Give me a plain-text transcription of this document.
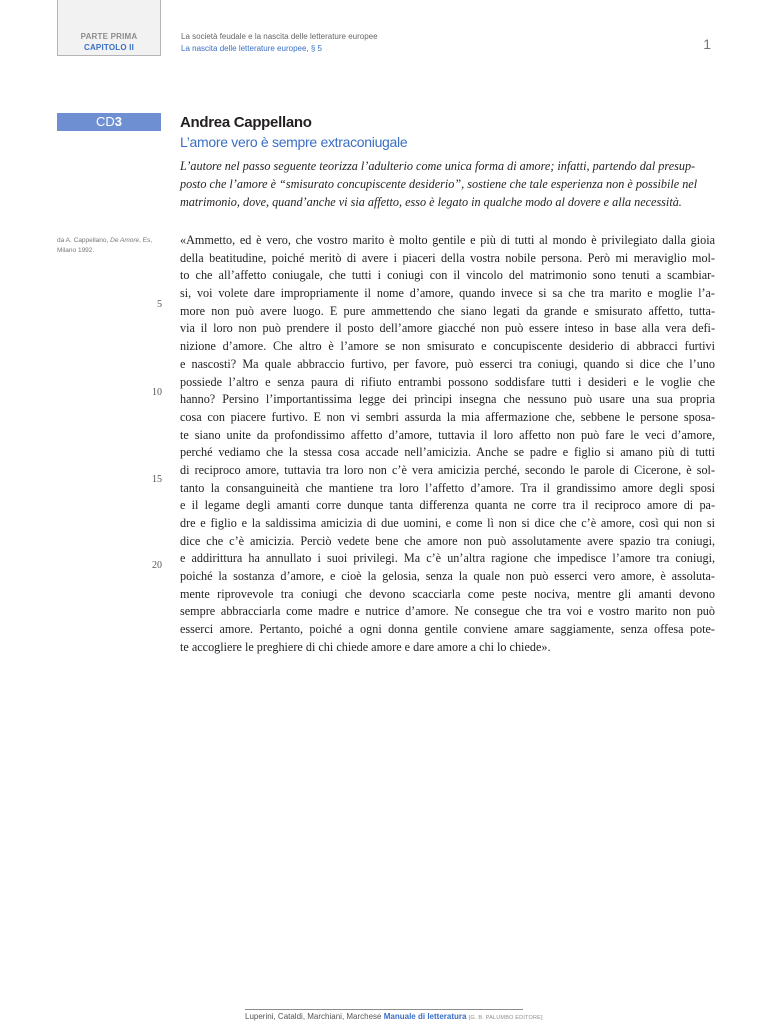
PARTE PRIMA
CAPITOLO II
La società feudale e la nascita delle letterature europee
La nascita delle letterature europee, § 5	1
CD3	Andrea Cappellano
L’amore vero è sempre extraconiugale
L’autore nel passo seguente teorizza l’adulterio come unica forma di amore; infatti, partendo dal presup-
posto che l’amore è “smisurato concupiscente desiderio”, sostiene che tale esperienza non è possibile nel
matrimonio, dove, quand’anche vi sia affetto, esso è legato in qualche modo al dovere e alla necessità.
da A. Cappellano, De Amore, Es,
Milano 1992.
5
10
15
20
«Ammetto, ed è vero, che vostro marito è molto gentile e più di tutti al mondo è privilegiato dalla gioia
della beatitudine, poiché meritò di avere i piaceri della vostra nobile persona. Però mi meraviglio mol-
to che all’affetto coniugale, che tutti i coniugi con il vincolo del matrimonio sono tenuti a scambiar-
si, voi volete dare impropriamente il nome d’amore, quando invece si sa che tra marito e moglie l’a-
more non può avere luogo. E pure ammettendo che siano legati da grande e smisurato affetto, tutta-
via il loro non può prendere il posto dell’amore giacché non può essere inteso in base alla vera defi-
nizione d’amore. Che altro è l’amore se non smisurato e concupiscente desiderio di abbracci furtivi
e nascosti? Ma quale abbraccio furtivo, per favore, può esserci tra coniugi, quando si dice che l’uno
possiede l’altro e senza paura di rifiuto entrambi possono soddisfare tutti i desideri e le voglie che
hanno? Persino l’importantissima legge dei prìncipi insegna che nessuno può usare una sua propria
cosa con piacere furtivo. E non vi sembri assurda la mia affermazione che, sebbene le persone sposa-
te siano unite da profondissimo affetto d’amore, tuttavia il loro affetto non può fare le veci d’amore,
perché vediamo che la stessa cosa accade nell’amicizia. Anche se padre e figlio si amano più di tutti
di reciproco amore, tuttavia tra loro non c’è vera amicizia perché, secondo le parole di Cicerone, è sol-
tanto la consanguineità che mantiene tra loro l’affetto d’amore. Tra il grandissimo amore degli sposi
e il legame degli amanti corre dunque tanta differenza quanta ne corre tra il reciproco amore di pa-
dre e figlio e la saldissima amicizia di due uomini, e come lì non si dice che c’è amore, così qui non si
dice che c’è amicizia. Perciò vedete bene che amore non può assolutamente avere spazio tra coniugi,
e addirittura ha annullato i suoi privilegi. Ma c’è un’altra ragione che impedisce l’amore tra coniugi,
poiché la sostanza d’amore, e cioè la gelosia, senza la quale non può esserci vero amore, è assoluta-
mente riprovevole tra coniugi che devono scacciarla come peste nociva, mentre gli amanti devono
sempre abbracciarla come madre e nutrice d’amore. Ne consegue che tra voi e vostro marito non può
esserci amore. Pertanto, poiché a ogni donna gentile conviene amare saggiamente, senza offesa pote-
te accogliere le preghiere di chi chiede amore e dare amore a chi lo chiede».
Luperini, Cataldi, Marchiani, Marchese Manuale di letteratura [G. B. PALUMBO EDITORE]
